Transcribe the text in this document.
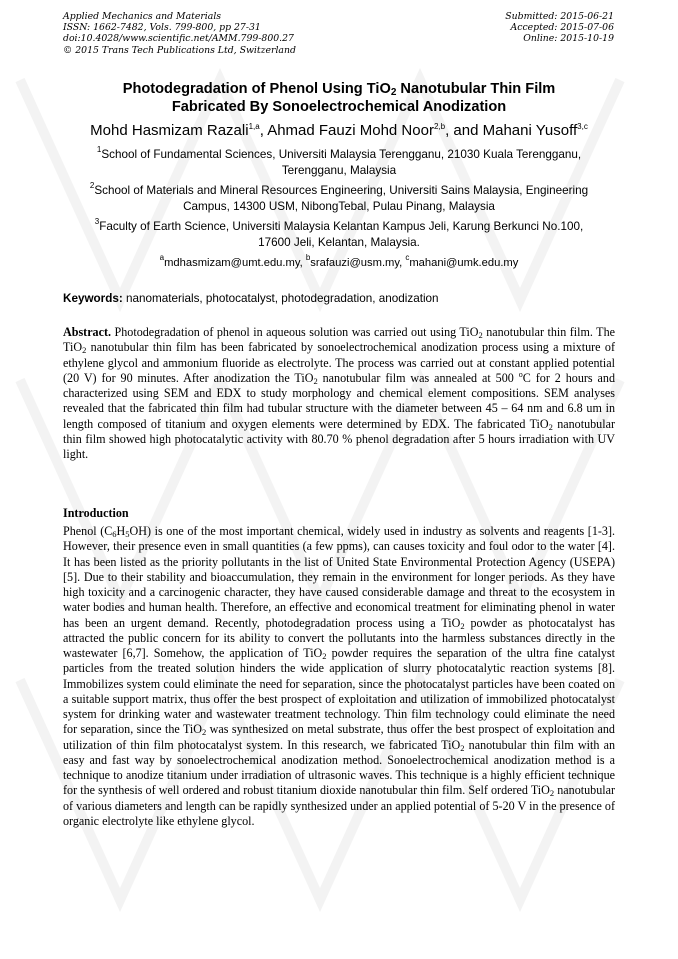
Applied Mechanics and Materials
ISSN: 1662-7482, Vols. 799-800, pp 27-31
doi:10.4028/www.scientific.net/AMM.799-800.27
© 2015 Trans Tech Publications Ltd, Switzerland
Submitted: 2015-06-21
Accepted: 2015-07-06
Online: 2015-10-19
Photodegradation of Phenol Using TiO$_2$ Nanotubular Thin Film
Fabricated By Sonoelectrochemical Anodization
Mohd Hasmizam Razali$^{1,a}$, Ahmad Fauzi Mohd Noor$^{2,b}$, and Mahani Yusoff$^{3,c}$
$^1$School of Fundamental Sciences, Universiti Malaysia Terengganu, 21030 Kuala Terengganu,
Terengganu, Malaysia
$^2$School of Materials and Mineral Resources Engineering, Universiti Sains Malaysia, Engineering
Campus, 14300 USM, NibongTebal, Pulau Pinang, Malaysia
$^3$Faculty of Earth Science, Universiti Malaysia Kelantan Kampus Jeli, Karung Berkunci No.100,
17600 Jeli, Kelantan, Malaysia.
$^a$mdhasmizam@umt.edu.my, $^b$srafauzi@usm.my, $^c$mahani@umk.edu.my
Keywords: nanomaterials, photocatalyst, photodegradation, anodization
Abstract. Photodegradation of phenol in aqueous solution was carried out using TiO$_2$ nanotubular thin film. The TiO$_2$ nanotubular thin film has been fabricated by sonoelectrochemical anodization process using a mixture of ethylene glycol and ammonium fluoride as electrolyte. The process was carried out at constant applied potential (20 V) for 90 minutes. After anodization the TiO$_2$ nanotubular film was annealed at 500 $^o$C for 2 hours and characterized using SEM and EDX to study morphology and chemical element compositions. SEM analyses revealed that the fabricated thin film had tubular structure with the diameter between 45 – 64 nm and 6.8 um in length composed of titanium and oxygen elements were determined by EDX. The fabricated TiO$_2$ nanotubular thin film showed high photocatalytic activity with 80.70 % phenol degradation after 5 hours irradiation with UV light.
Introduction
Phenol $(C_6H_5OH)$ is one of the most important chemical, widely used in industry as solvents and reagents [1-3]. However, their presence even in small quantities (a few ppms), can causes toxicity and foul odor to the water [4]. It has been listed as the priority pollutants in the list of United State Environmental Protection Agency (USEPA) [5]. Due to their stability and bioaccumulation, they remain in the environment for longer periods. As they have high toxicity and a carcinogenic character, they have caused considerable damage and threat to the ecosystem in water bodies and human health. Therefore, an effective and economical treatment for eliminating phenol in water has been an urgent demand. Recently, photodegradation process using a TiO$_2$ powder as photocatalyst has attracted the public concern for its ability to convert the pollutants into the harmless substances directly in the wastewater [6,7]. Somehow, the application of TiO$_2$ powder requires the separation of the ultra fine catalyst particles from the treated solution hinders the wide application of slurry photocatalytic reaction systems [8]. Immobilizes system could eliminate the need for separation, since the photocatalyst particles have been coated on a suitable support matrix, thus offer the best prospect of exploitation and utilization of immobilized photocatalyst system for drinking water and wastewater treatment technology. Thin film technology could eliminate the need for separation, since the TiO$_2$ was synthesized on metal substrate, thus offer the best prospect of exploitation and utilization of thin film photocatalyst system. In this research, we fabricated TiO$_2$ nanotubular thin film with an easy and fast way by sonoelectrochemical anodization method. Sonoelectrochemical anodization method is a technique to anodize titanium under irradiation of ultrasonic waves. This technique is a highly efficient technique for the synthesis of well ordered and robust titanium dioxide nanotubular thin film. Self ordered TiO$_2$ nanotubular of various diameters and length can be rapidly synthesized under an applied potential of 5-20 V in the presence of organic electrolyte like ethylene glycol.
